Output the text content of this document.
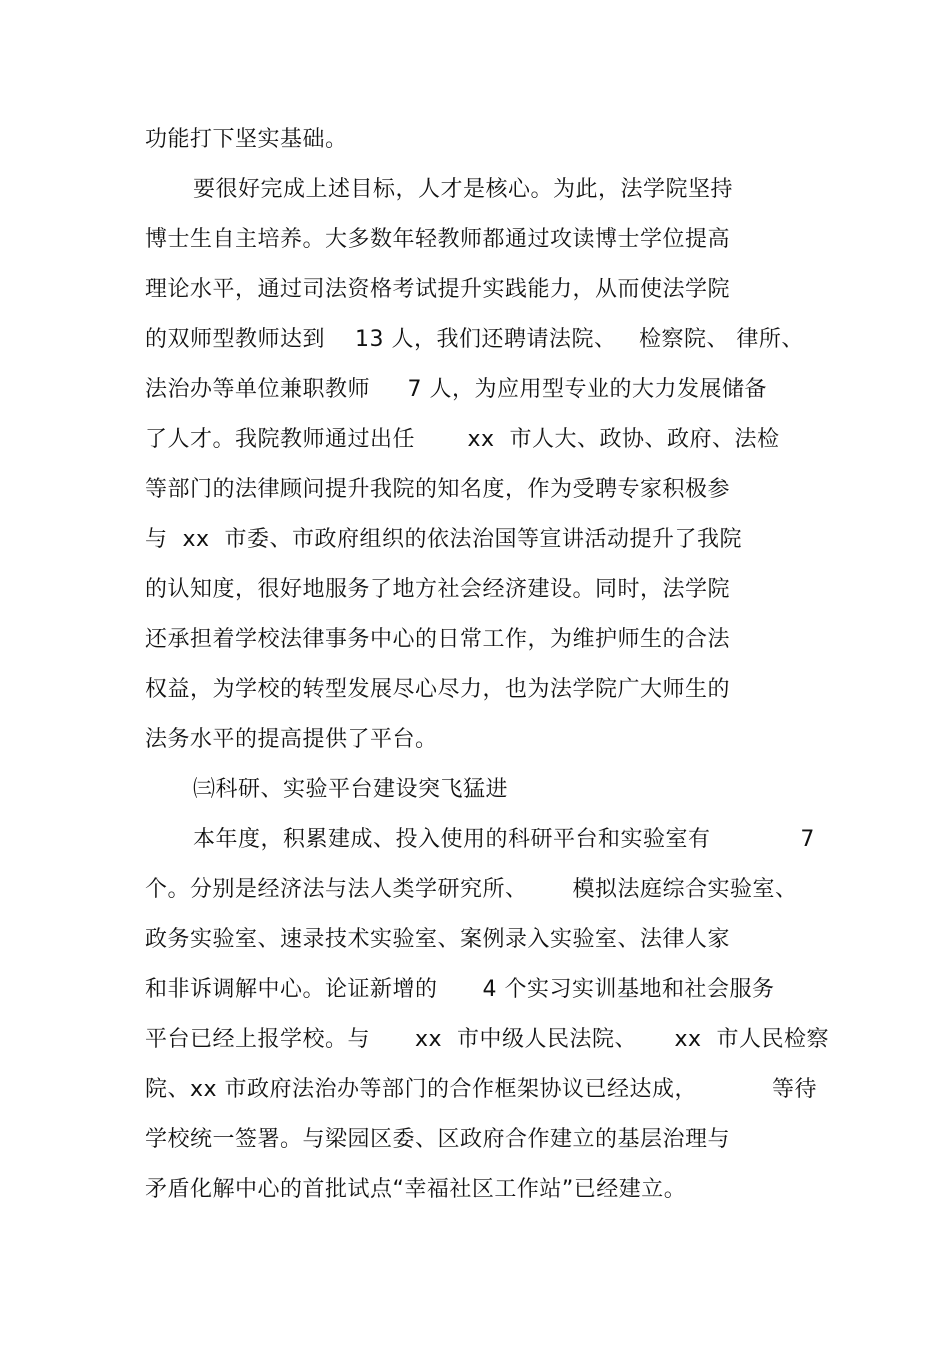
功能打下坚实基础。
要很好完成上述目标，人才是核心。为此，法学院坚持
博士生自主培养。大多数年轻教师都通过攻读博士学位提高
理论水平，通过司法资格考试提升实践能力，从而使法学院
的双师型教师达到    13 人，我们还聘请法院、   检察院、 律所、
法治办等单位兼职教师     7 人，为应用型专业的大力发展储备
了人才。我院教师通过出任       xx  市人大、政协、政府、法检
等部门的法律顾问提升我院的知名度，作为受聘专家积极参
与  xx  市委、市政府组织的依法治国等宣讲活动提升了我院
的认知度，很好地服务了地方社会经济建设。同时，法学院
还承担着学校法律事务中心的日常工作，为维护师生的合法
权益，为学校的转型发展尽心尽力，也为法学院广大师生的
法务水平的提高提供了平台。
㈢科研、实验平台建设突飞猛进
本年度，积累建成、投入使用的科研平台和实验室有            7
个。分别是经济法与法人类学研究所、      模拟法庭综合实验室、
政务实验室、速录技术实验室、案例录入实验室、法律人家
和非诉调解中心。论证新增的      4 个实习实训基地和社会服务
平台已经上报学校。与      xx  市中级人民法院、     xx  市人民检察
院、xx 市政府法治办等部门的合作框架协议已经达成，          等待
学校统一签署。与梁园区委、区政府合作建立的基层治理与
矛盾化解中心的首批试点“幸福社区工作站”已经建立。
